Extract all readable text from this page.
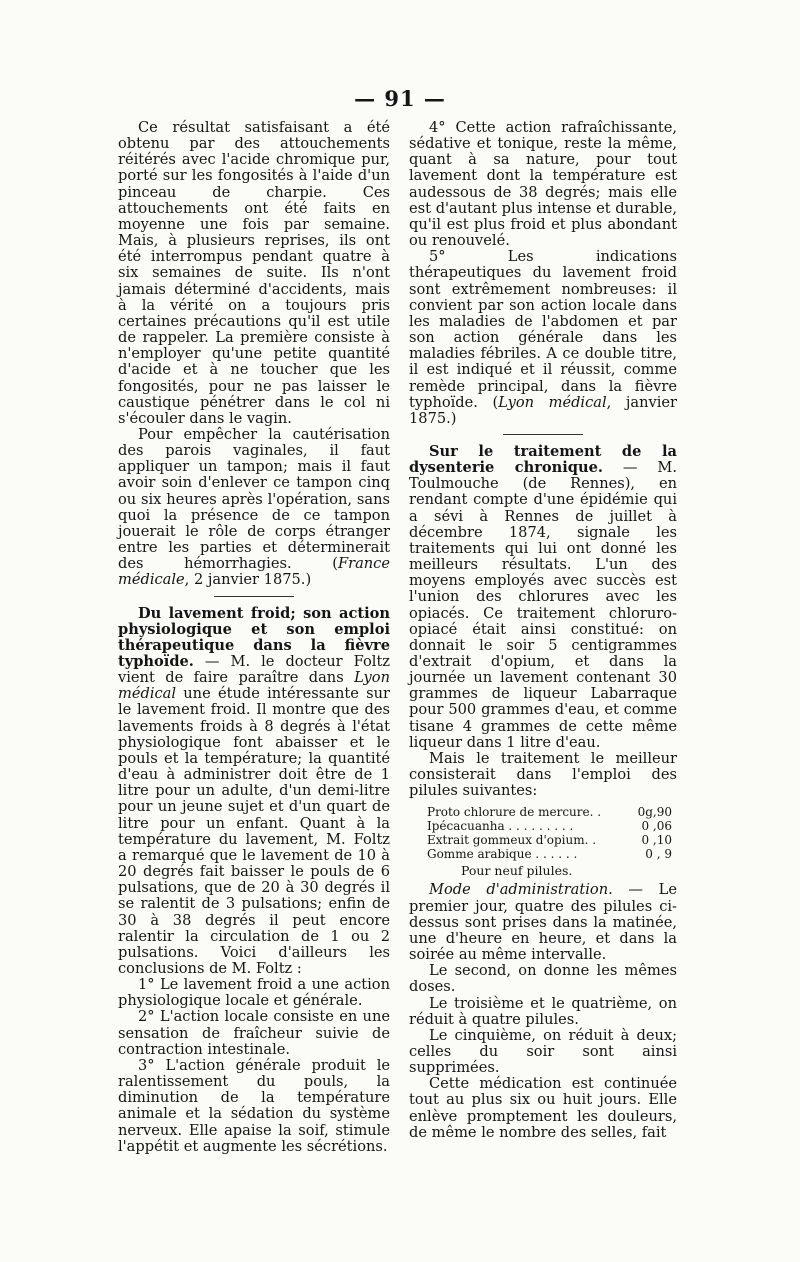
— 91 —

Ce résultat satisfaisant a été obtenu par des attouchements réitérés avec l'acide chromique pur, porté sur les fongosités à l'aide d'un pinceau de charpie. Ces attouchements ont été faits en moyenne une fois par semaine. Mais, à plusieurs reprises, ils ont été interrompus pendant quatre à six semaines de suite. Ils n'ont jamais déterminé d'accidents, mais à la vérité on a toujours pris certaines précautions qu'il est utile de rappeler. La première consiste à n'employer qu'une petite quantité d'acide et à ne toucher que les fongosités, pour ne pas laisser le caustique pénétrer dans le col ni s'écouler dans le vagin.

Pour empêcher la cautérisation des parois vaginales, il faut appliquer un tampon; mais il faut avoir soin d'enlever ce tampon cinq ou six heures après l'opération, sans quoi la présence de ce tampon jouerait le rôle de corps étranger entre les parties et déterminerait des hémorrhagies. (France médicale, 2 janvier 1875.)

Du lavement froid; son action physiologique et son emploi thérapeutique dans la fièvre typhoïde. — M. le docteur Foltz vient de faire paraître dans Lyon médical une étude intéressante sur le lavement froid. Il montre que des lavements froids à 8 degrés à l'état physiologique font abaisser et le pouls et la température; la quantité d'eau à administrer doit être de 1 litre pour un adulte, d'un demi-litre pour un jeune sujet et d'un quart de litre pour un enfant. Quant à la température du lavement, M. Foltz a remarqué que le lavement de 10 à 20 degrés fait baisser le pouls de 6 pulsations, que de 20 à 30 degrés il se ralentit de 3 pulsations; enfin de 30 à 38 degrés il peut encore ralentir la circulation de 1 ou 2 pulsations. Voici d'ailleurs les conclusions de M. Foltz :

1° Le lavement froid a une action physiologique locale et générale.

2° L'action locale consiste en une sensation de fraîcheur suivie de contraction intestinale.

3° L'action générale produit le ralentissement du pouls, la diminution de la température animale et la sédation du système nerveux. Elle apaise la soif, stimule l'appétit et augmente les sécrétions.

4° Cette action rafraîchissante, sédative et tonique, reste la même, quant à sa nature, pour tout lavement dont la température est audessous de 38 degrés; mais elle est d'autant plus intense et durable, qu'il est plus froid et plus abondant ou renouvelé.

5° Les indications thérapeutiques du lavement froid sont extrêmement nombreuses: il convient par son action locale dans les maladies de l'abdomen et par son action générale dans les maladies fébriles. A ce double titre, il est indiqué et il réussit, comme remède principal, dans la fièvre typhoïde. (Lyon médical, janvier 1875.)

Sur le traitement de la dysenterie chronique. — M. Toulmouche (de Rennes), en rendant compte d'une épidémie qui a sévi à Rennes de juillet à décembre 1874, signale les traitements qui lui ont donné les meilleurs résultats. L'un des moyens employés avec succès est l'union des chlorures avec les opiacés. Ce traitement chloruro-opiacé était ainsi constitué: on donnait le soir 5 centigrammes d'extrait d'opium, et dans la journée un lavement contenant 30 grammes de liqueur Labarraque pour 500 grammes d'eau, et comme tisane 4 grammes de cette même liqueur dans 1 litre d'eau.

Mais le traitement le meilleur consisterait dans l'emploi des pilules suivantes:

Proto chlorure de mercure. .	0g,90
Ipécacuanha . . . . . . . . .	0 ,06
Extrait gommeux d'opium. .	0 ,10
Gomme arabique . . . . . .	0 , 9
Pour neuf pilules.

Mode d'administration. — Le premier jour, quatre des pilules ci-dessus sont prises dans la matinée, une d'heure en heure, et dans la soirée au même intervalle.

Le second, on donne les mêmes doses.

Le troisième et le quatrième, on réduit à quatre pilules.

Le cinquième, on réduit à deux; celles du soir sont ainsi supprimées.

Cette médication est continuée tout au plus six ou huit jours. Elle enlève promptement les douleurs, de même le nombre des selles, fait
